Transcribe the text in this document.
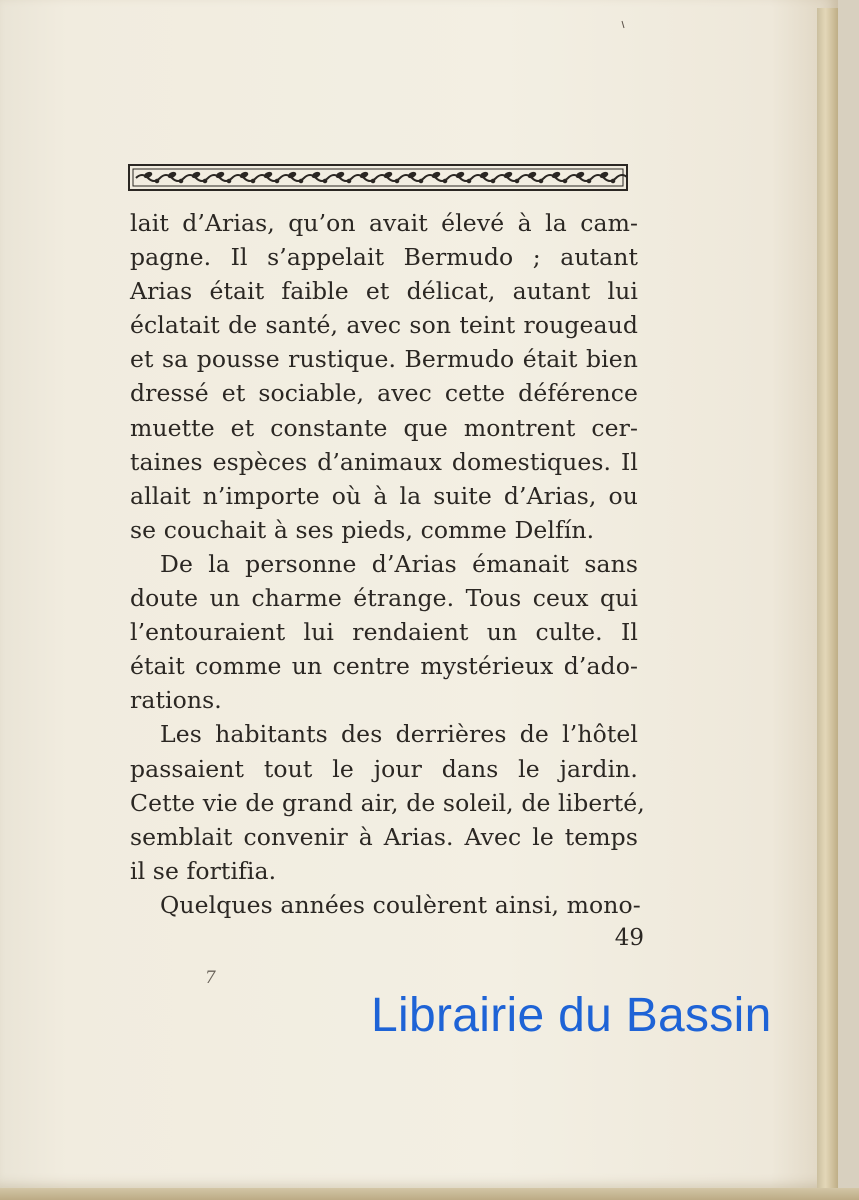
lait d’Arias, qu’on avait élevé à la cam-
pagne. Il s’appelait Bermudo ; autant
Arias était faible et délicat, autant lui
éclatait de santé, avec son teint rougeaud
et sa pousse rustique. Bermudo était bien
dressé et sociable, avec cette déférence
muette et constante que montrent cer-
taines espèces d’animaux domestiques. Il
allait n’importe où à la suite d’Arias, ou
se couchait à ses pieds, comme Delfín.
De la personne d’Arias émanait sans
doute un charme étrange. Tous ceux qui
l’entouraient lui rendaient un culte. Il
était comme un centre mystérieux d’ado-
rations.
Les habitants des derrières de l’hôtel
passaient tout le jour dans le jardin.
Cette vie de grand air, de soleil, de liberté,
semblait convenir à Arias. Avec le temps
il se fortifia.
Quelques années coulèrent ainsi, mono-
49
7
Librairie du Bassin
